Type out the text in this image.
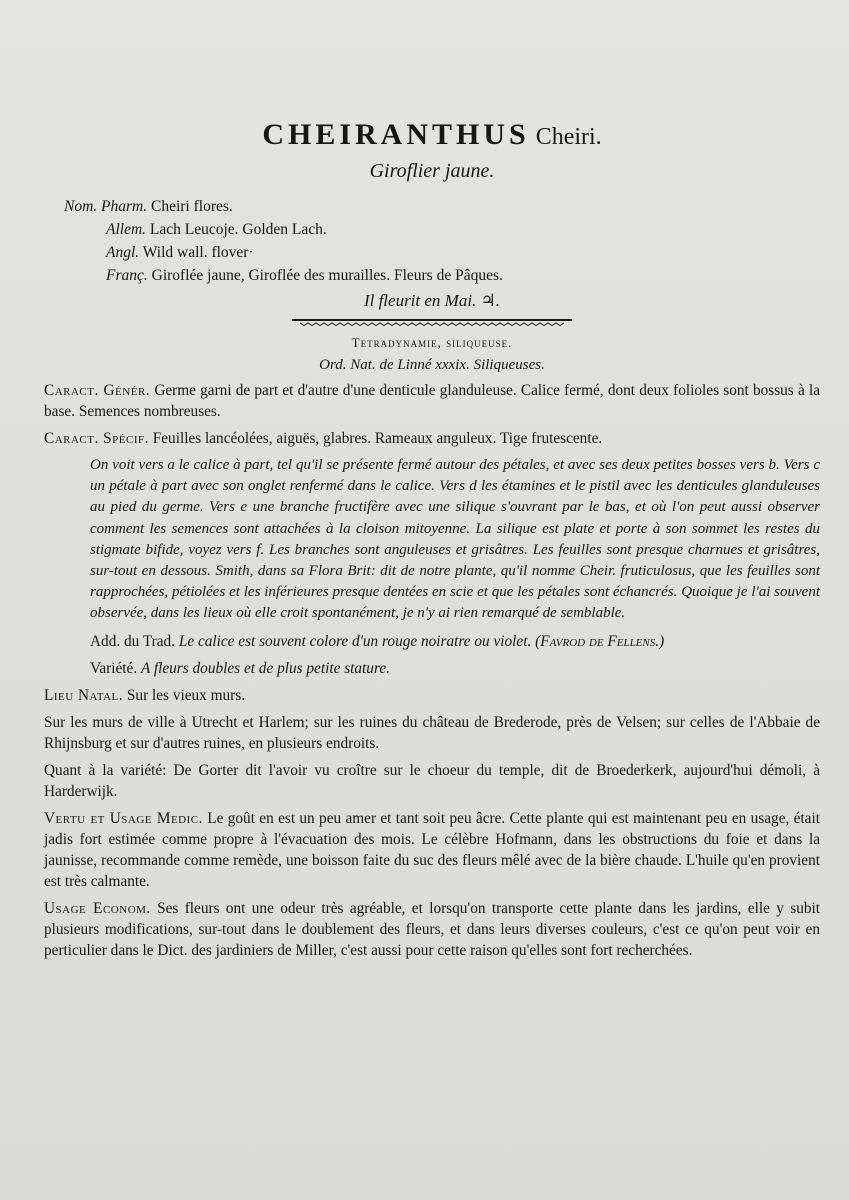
CHEIRANTHUS Cheiri.
Giroflier jaune.
Nom. Pharm. Cheiri flores.
Allem. Lach Leucoje. Golden Lach.
Angl. Wild wall. flover·
Franç. Giroflée jaune, Giroflée des murailles. Fleurs de Pâques.
Il fleurit en Mai. ♃.
Tetradynamie, siliqueuse.
Ord. Nat. de Linné xxxix. Siliqueuses.
Caract. Génér. Germe garni de part et d'autre d'une denticule glanduleuse. Calice fermé, dont deux folioles sont bossus à la base. Semences nombreuses.
Caract. Spécif. Feuilles lancéolées, aiguës, glabres. Rameaux anguleux. Tige frutescente.
On voit vers a le calice à part, tel qu'il se présente fermé autour des pétales, et avec ses deux petites bosses vers b. Vers c un pétale à part avec son onglet renfermé dans le calice. Vers d les étamines et le pistil avec les denticules glanduleuses au pied du germe. Vers e une branche fructifère avec une silique s'ouvrant par le bas, et où l'on peut aussi observer comment les semences sont attachées à la cloison mitoyenne. La silique est plate et porte à son sommet les restes du stigmate bifide, voyez vers f. Les branches sont anguleuses et grisâtres. Les feuilles sont presque charnues et grisâtres, sur-tout en dessous. Smith, dans sa Flora Brit: dit de notre plante, qu'il nomme Cheir. fruticulosus, que les feuilles sont rapprochées, pétiolées et les inférieures presque dentées en scie et que les pétales sont échancrés. Quoique je l'ai souvent observée, dans les lieux où elle croit spontanément, je n'y ai rien remarqué de semblable.
Add. du Trad. Le calice est souvent colore d'un rouge noiratre ou violet. (Favrod de Fellens.)
Variété. A fleurs doubles et de plus petite stature.
Lieu Natal. Sur les vieux murs.
Sur les murs de ville à Utrecht et Harlem; sur les ruines du château de Brederode, près de Velsen; sur celles de l'Abbaie de Rhijnsburg et sur d'autres ruines, en plusieurs endroits.
Quant à la variété: De Gorter dit l'avoir vu croître sur le choeur du temple, dit de Broederkerk, aujourd'hui démoli, à Harderwijk.
Vertu et Usage Medic. Le goût en est un peu amer et tant soit peu âcre. Cette plante qui est maintenant peu en usage, était jadis fort estimée comme propre à l'évacuation des mois. Le célèbre Hofmann, dans les obstructions du foie et dans la jaunisse, recommande comme remède, une boisson faite du suc des fleurs mêlé avec de la bière chaude. L'huile qu'en provient est très calmante.
Usage Econom. Ses fleurs ont une odeur très agréable, et lorsqu'on transporte cette plante dans les jardins, elle y subit plusieurs modifications, sur-tout dans le doublement des fleurs, et dans leurs diverses couleurs, c'est ce qu'on peut voir en perticulier dans le Dict. des jardiniers de Miller, c'est aussi pour cette raison qu'elles sont fort recherchées.
